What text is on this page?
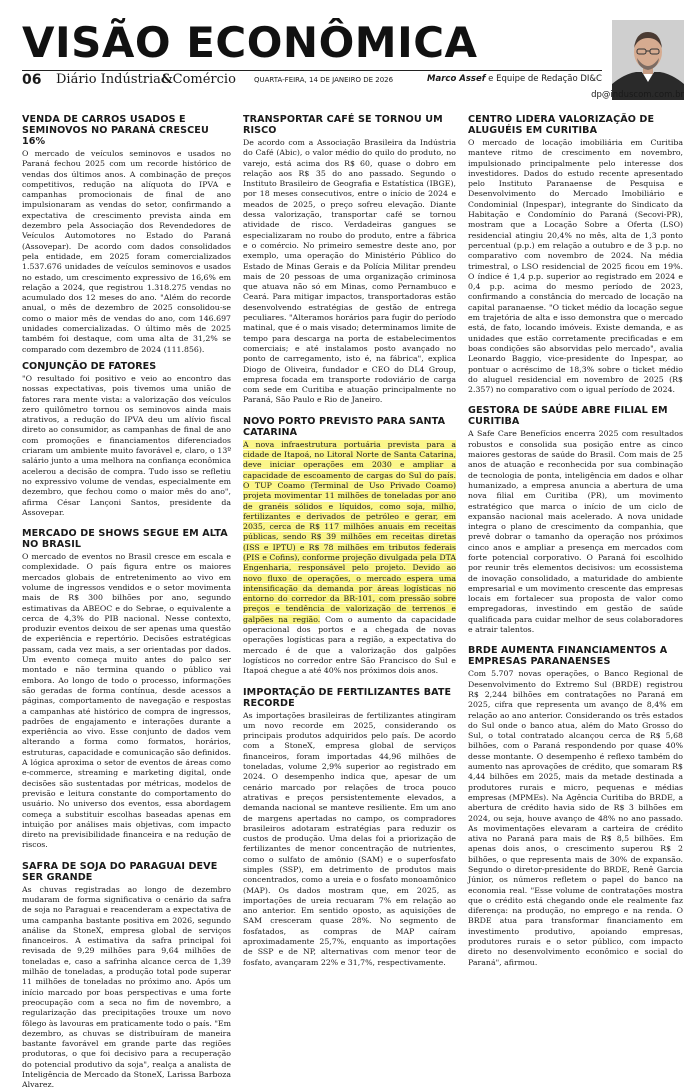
VISÃO ECONÔMICA
06 Diário Indústria&Comércio	QUARTA-FEIRA, 14 DE JANEIRO DE 2026	Marco Assef e Equipe de Redação DI&C
dp@induscom.com.br
VENDA DE CARROS USADOS E SEMINOVOS NO PARANÁ CRESCEU 16%

O mercado de veículos seminovos e usados no Paraná fechou 2025 com um recorde histórico de vendas dos últimos anos. A combinação de preços competitivos, redução na alíquota do IPVA e campanhas promocionais de final de ano impulsionaram as vendas do setor, confirmando a expectativa de crescimento prevista ainda em dezembro pela Associação dos Revendedores de Veículos Automotores no Estado do Paraná (Assovepar). De acordo com dados consolidados pela entidade, em 2025 foram comercializados 1.537.676 unidades de veículos seminovos e usados no estado, um crescimento expressivo de 16,6% em relação a 2024, que registrou 1.318.275 vendas no acumulado dos 12 meses do ano. "Além do recorde anual, o mês de dezembro de 2025 consolidou-se como o maior mês de vendas do ano, com 146.697 unidades comercializadas. O último mês de 2025 também foi destaque, com uma alta de 31,2% se comparado com dezembro de 2024 (111.856).

CONJUNÇÃO DE FATORES

"O resultado foi positivo e veio ao encontro das nossas expectativas, pois tivemos uma união de fatores rara mente vista: a valorização dos veículos zero quilômetro tornou os seminovos ainda mais atrativos, a redução do IPVA deu um alívio fiscal direto ao consumidor, as campanhas de final de ano com promoções e financiamentos diferenciados criaram um ambiente muito favorável e, claro, o 13º salário junto a uma melhora na confiança econômica acelerou a decisão de compra. Tudo isso se refletiu no expressivo volume de vendas, especialmente em dezembro, que fechou como o maior mês do ano", afirma César Lançoni Santos, presidente da Assovepar.

MERCADO DE SHOWS SEGUE EM ALTA NO BRASIL

O mercado de eventos no Brasil cresce em escala e complexidade. O país figura entre os maiores mercados globais de entretenimento ao vivo em volume de ingressos vendidos e o setor movimenta mais de R$ 300 bilhões por ano, segundo estimativas da ABEOC e do Sebrae, o equivalente a cerca de 4,3% do PIB nacional. Nesse contexto, produzir eventos deixou de ser apenas uma questão de experiência e repertório. Decisões estratégicas passam, cada vez mais, a ser orientadas por dados. Um evento começa muito antes do palco ser montado e não termina quando o público vai embora. Ao longo de todo o processo, informações são geradas de forma contínua, desde acessos a páginas, comportamento de navegação e respostas a campanhas até histórico de compra de ingressos, padrões de engajamento e interações durante a experiência ao vivo. Esse conjunto de dados vem alterando a forma como formatos, horários, estruturas, capacidade e comunicação são definidos. A lógica aproxima o setor de eventos de áreas como e-commerce, streaming e marketing digital, onde decisões são sustentadas por métricas, modelos de previsão e leitura constante do comportamento do usuário. No universo dos eventos, essa abordagem começa a substituir escolhas baseadas apenas em intuição por análises mais objetivas, com impacto direto na previsibilidade financeira e na redução de riscos.

SAFRA DE SOJA DO PARAGUAI DEVE SER GRANDE

As chuvas registradas ao longo de dezembro mudaram de forma significativa o cenário da safra de soja no Paraguai e reacenderam a expectativa de uma campanha bastante positiva em 2026, segundo análise da StoneX, empresa global de serviços financeiros. A estimativa da safra principal foi revisada de 9,29 milhões para 9,64 milhões de toneladas e, caso a safrinha alcance cerca de 1,39 milhão de toneladas, a produção total pode superar 11 milhões de toneladas no próximo ano. Após um início marcado por boas perspectivas e uma forte preocupação com a seca no fim de novembro, a regularização das precipitações trouxe um novo fôlego às lavouras em praticamente todo o país. "Em dezembro, as chuvas se distribuíram de maneira bastante favorável em grande parte das regiões produtoras, o que foi decisivo para a recuperação do potencial produtivo da soja", realça a analista de Inteligência de Mercado da StoneX, Larissa Barboza Alvarez.

TRANSPORTAR CAFÉ SE TORNOU UM RISCO

De acordo com a Associação Brasileira da Indústria do Café (Abic), o valor médio do quilo do produto, no varejo, está acima dos R$ 60, quase o dobro em relação aos R$ 35 do ano passado. Segundo o Instituto Brasileiro de Geografia e Estatística (IBGE), por 18 meses consecutivos, entre o início de 2024 e meados de 2025, o preço sofreu elevação. Diante dessa valorização, transportar café se tornou atividade de risco. Verdadeiras gangues se especializaram no roubo do produto, entre a fábrica e o comércio. No primeiro semestre deste ano, por exemplo, uma operação do Ministério Público do Estado de Minas Gerais e da Polícia Militar prendeu mais de 20 pessoas de uma organização criminosa que atuava não só em Minas, como Pernambuco e Ceará. Para mitigar impactos, transportadoras estão desenvolvendo estratégias de gestão de entrega peculiares. "Alteramos horários para fugir do período matinal, que é o mais visado; determinamos limite de tempo para descarga na porta de estabelecimentos comerciais; e até instalamos posto avançado no ponto de carregamento, isto é, na fábrica", explica Diogo de Oliveira, fundador e CEO do DL4 Group, empresa focada em transporte rodoviário de carga com sede em Curitiba e atuação principalmente no Paraná, São Paulo e Rio de Janeiro.

NOVO PORTO PREVISTO PARA SANTA CATARINA

A nova infraestrutura portuária prevista para a cidade de Itapoá, no Litoral Norte de Santa Catarina, deve iniciar operações em 2030 e ampliar a capacidade de escoamento de cargas do Sul do país. O TUP Coamo (Terminal de Uso Privado Coamo) projeta movimentar 11 milhões de toneladas por ano de granéis sólidos e líquidos, como soja, milho, fertilizantes e derivados de petróleo e gerar, em 2035, cerca de R$ 117 milhões anuais em receitas públicas, sendo R$ 39 milhões em receitas diretas (ISS e IPTU) e R$ 78 milhões em tributos federais (PIS e Cofins), conforme projeção divulgada pela DTA Engenharia, responsável pelo projeto. Devido ao novo fluxo de operações, o mercado espera uma intensificação da demanda por áreas logísticas no entorno do corredor da BR-101, com pressão sobre preços e tendência de valorização de terrenos e galpões na região. Com o aumento da capacidade operacional dos portos e a chegada de novas operações logísticas para a região, a expectativa do mercado é de que a valorização dos galpões logísticos no corredor entre São Francisco do Sul e Itapoá chegue a até 40% nos próximos dois anos.

IMPORTAÇÃO DE FERTILIZANTES BATE RECORDE

As importações brasileiras de fertilizantes atingiram um novo recorde em 2025, considerando os principais produtos adquiridos pelo país. De acordo com a StoneX, empresa global de serviços financeiros, foram importadas 44,96 milhões de toneladas, volume 2,9% superior ao registrado em 2024. O desempenho indica que, apesar de um cenário marcado por relações de troca pouco atrativas e preços persistentemente elevados, a demanda nacional se manteve resiliente. Em um ano de margens apertadas no campo, os compradores brasileiros adotaram estratégias para reduzir os custos de produção. Uma delas foi a priorização de fertilizantes de menor concentração de nutrientes, como o sulfato de amônio (SAM) e o superfosfato simples (SSP), em detrimento de produtos mais concentrados, como a ureia e o fosfato monoamônico (MAP). Os dados mostram que, em 2025, as importações de ureia recuaram 7% em relação ao ano anterior. Em sentido oposto, as aquisições de SAM cresceram quase 28%. No segmento de fosfatados, as compras de MAP caíram aproximadamente 25,7%, enquanto as importações de SSP e de NP, alternativas com menor teor de fosfato, avançaram 22% e 31,7%, respectivamente.

CENTRO LIDERA VALORIZAÇÃO DE ALUGUÉIS EM CURITIBA

O mercado de locação imobiliária em Curitiba manteve ritmo de crescimento em novembro, impulsionado principalmente pelo interesse dos investidores. Dados do estudo recente apresentado pelo Instituto Paranaense de Pesquisa e Desenvolvimento do Mercado Imobiliário e Condominial (Inpespar), integrante do Sindicato da Habitação e Condomínio do Paraná (Secovi-PR), mostram que a Locação Sobre a Oferta (LSO) residencial atingiu 20,4% no mês, alta de 1,3 ponto percentual (p.p.) em relação a outubro e de 3 p.p. no comparativo com novembro de 2024. Na média trimestral, o LSO residencial de 2025 ficou em 19%. O índice é 1,4 p.p. superior ao registrado em 2024 e 0,4 p.p. acima do mesmo período de 2023, confirmando a constância do mercado de locação na capital paranaense. "O ticket médio da locação segue em trajetória de alta e isso demonstra que o mercado está, de fato, locando imóveis. Existe demanda, e as unidades que estão corretamente precificadas e em boas condições são absorvidas pelo mercado", avalia Leonardo Baggio, vice-presidente do Inpespar, ao pontuar o acréscimo de 18,3% sobre o ticket médio do aluguel residencial em novembro de 2025 (R$ 2.357) no comparativo com o igual período de 2024.

GESTORA DE SAÚDE ABRE FILIAL EM CURITIBA

A Safe Care Benefícios encerra 2025 com resultados robustos e consolida sua posição entre as cinco maiores gestoras de saúde do Brasil. Com mais de 25 anos de atuação e reconhecida por sua combinação de tecnologia de ponta, inteligência em dados e olhar humanizado, a empresa anuncia a abertura de uma nova filial em Curitiba (PR), um movimento estratégico que marca o início de um ciclo de expansão nacional mais acelerado. A nova unidade integra o plano de crescimento da companhia, que prevê dobrar o tamanho da operação nos próximos cinco anos e ampliar a presença em mercados com forte potencial corporativo. O Paraná foi escolhido por reunir três elementos decisivos: um ecossistema de inovação consolidado, a maturidade do ambiente empresarial e um movimento crescente das empresas locais em fortalecer sua proposta de valor como empregadoras, investindo em gestão de saúde qualificada para cuidar melhor de seus colaboradores e atrair talentos.

BRDE AUMENTA FINANCIAMENTOS A EMPRESAS PARANAENSES

Com 5.707 novas operações, o Banco Regional de Desenvolvimento do Extremo Sul (BRDE) registrou R$ 2,244 bilhões em contratações no Paraná em 2025, cifra que representa um avanço de 8,4% em relação ao ano anterior. Considerando os três estados do Sul onde o banco atua, além do Mato Grosso do Sul, o total contratado alcançou cerca de R$ 5,68 bilhões, com o Paraná respondendo por quase 40% desse montante. O desempenho é reflexo também do aumento nas aprovações de crédito, que somaram R$ 4,44 bilhões em 2025, mais da metade destinada a produtores rurais e micro, pequenas e médias empresas (MPMEs). Na Agência Curitiba do BRDE, a abertura de crédito havia sido de R$ 3 bilhões em 2024, ou seja, houve avanço de 48% no ano passado. As movimentações elevaram a carteira de crédito ativa no Paraná para mais de R$ 8,5 bilhões. Em apenas dois anos, o crescimento superou R$ 2 bilhões, o que representa mais de 30% de expansão. Segundo o diretor-presidente do BRDE, Renê Garcia Júnior, os números refletem o papel do banco na economia real. "Esse volume de contratações mostra que o crédito está chegando onde ele realmente faz diferença: na produção, no emprego e na renda. O BRDE atua para transformar financiamento em investimento produtivo, apoiando empresas, produtores rurais e o setor público, com impacto direto no desenvolvimento econômico e social do Paraná", afirmou.
